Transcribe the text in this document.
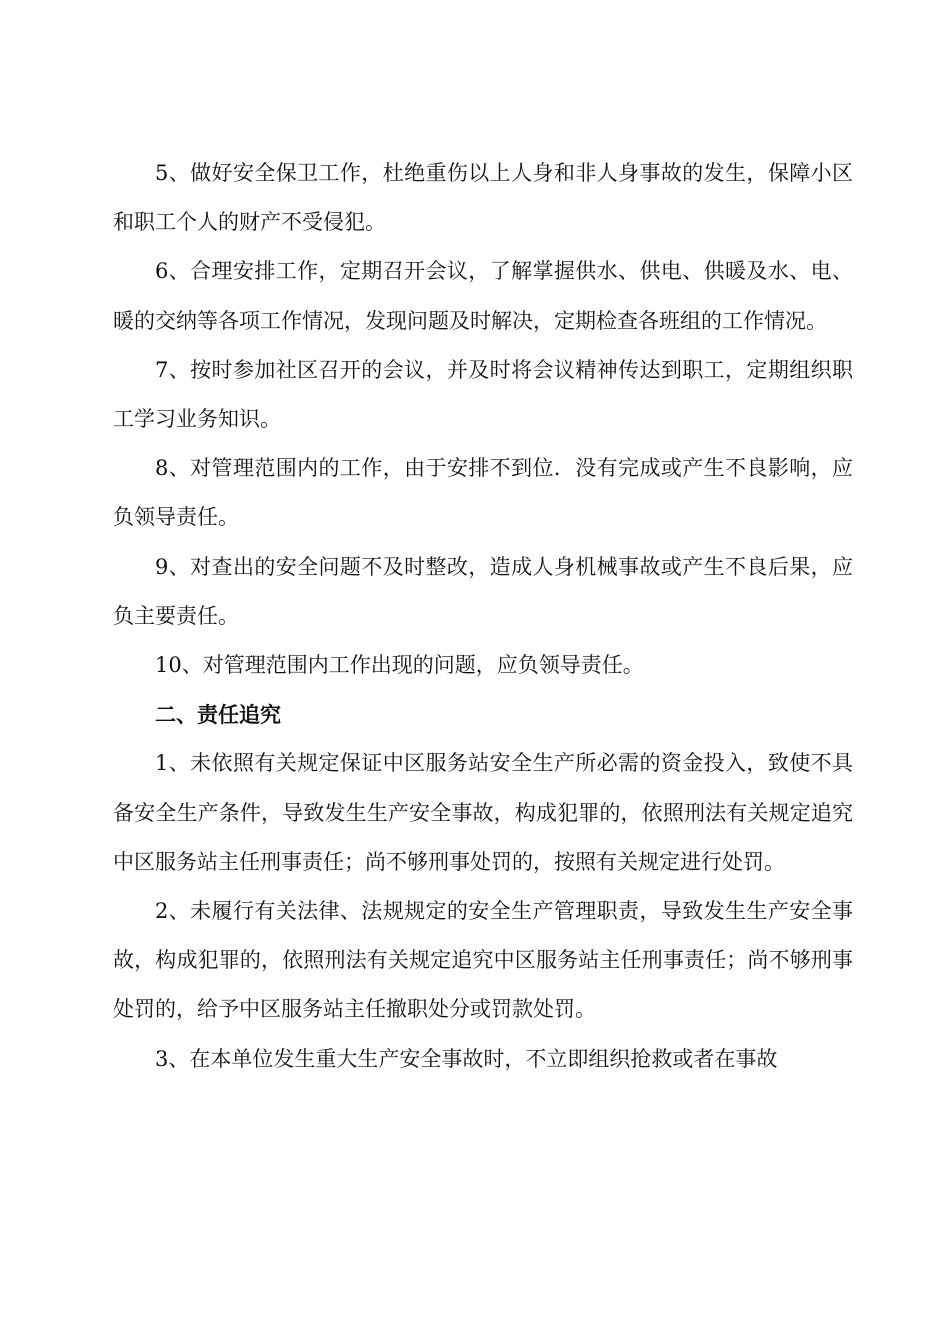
5、做好安全保卫工作，杜绝重伤以上人身和非人身事故的发生，保障小区和职工个人的财产不受侵犯。

6、合理安排工作，定期召开会议，了解掌握供水、供电、供暖及水、电、暖的交纳等各项工作情况，发现问题及时解决，定期检查各班组的工作情况。

7、按时参加社区召开的会议，并及时将会议精神传达到职工，定期组织职工学习业务知识。

8、对管理范围内的工作，由于安排不到位．没有完成或产生不良影响，应负领导责任。

9、对查出的安全问题不及时整改，造成人身机械事故或产生不良后果，应负主要责任。

10、对管理范围内工作出现的问题，应负领导责任。

二、责任追究

1、未依照有关规定保证中区服务站安全生产所必需的资金投入，致使不具备安全生产条件，导致发生生产安全事故，构成犯罪的，依照刑法有关规定追究中区服务站主任刑事责任；尚不够刑事处罚的，按照有关规定进行处罚。

2、未履行有关法律、法规规定的安全生产管理职责，导致发生生产安全事故，构成犯罪的，依照刑法有关规定追究中区服务站主任刑事责任；尚不够刑事处罚的，给予中区服务站主任撤职处分或罚款处罚。

3、在本单位发生重大生产安全事故时，不立即组织抢救或者在事故
